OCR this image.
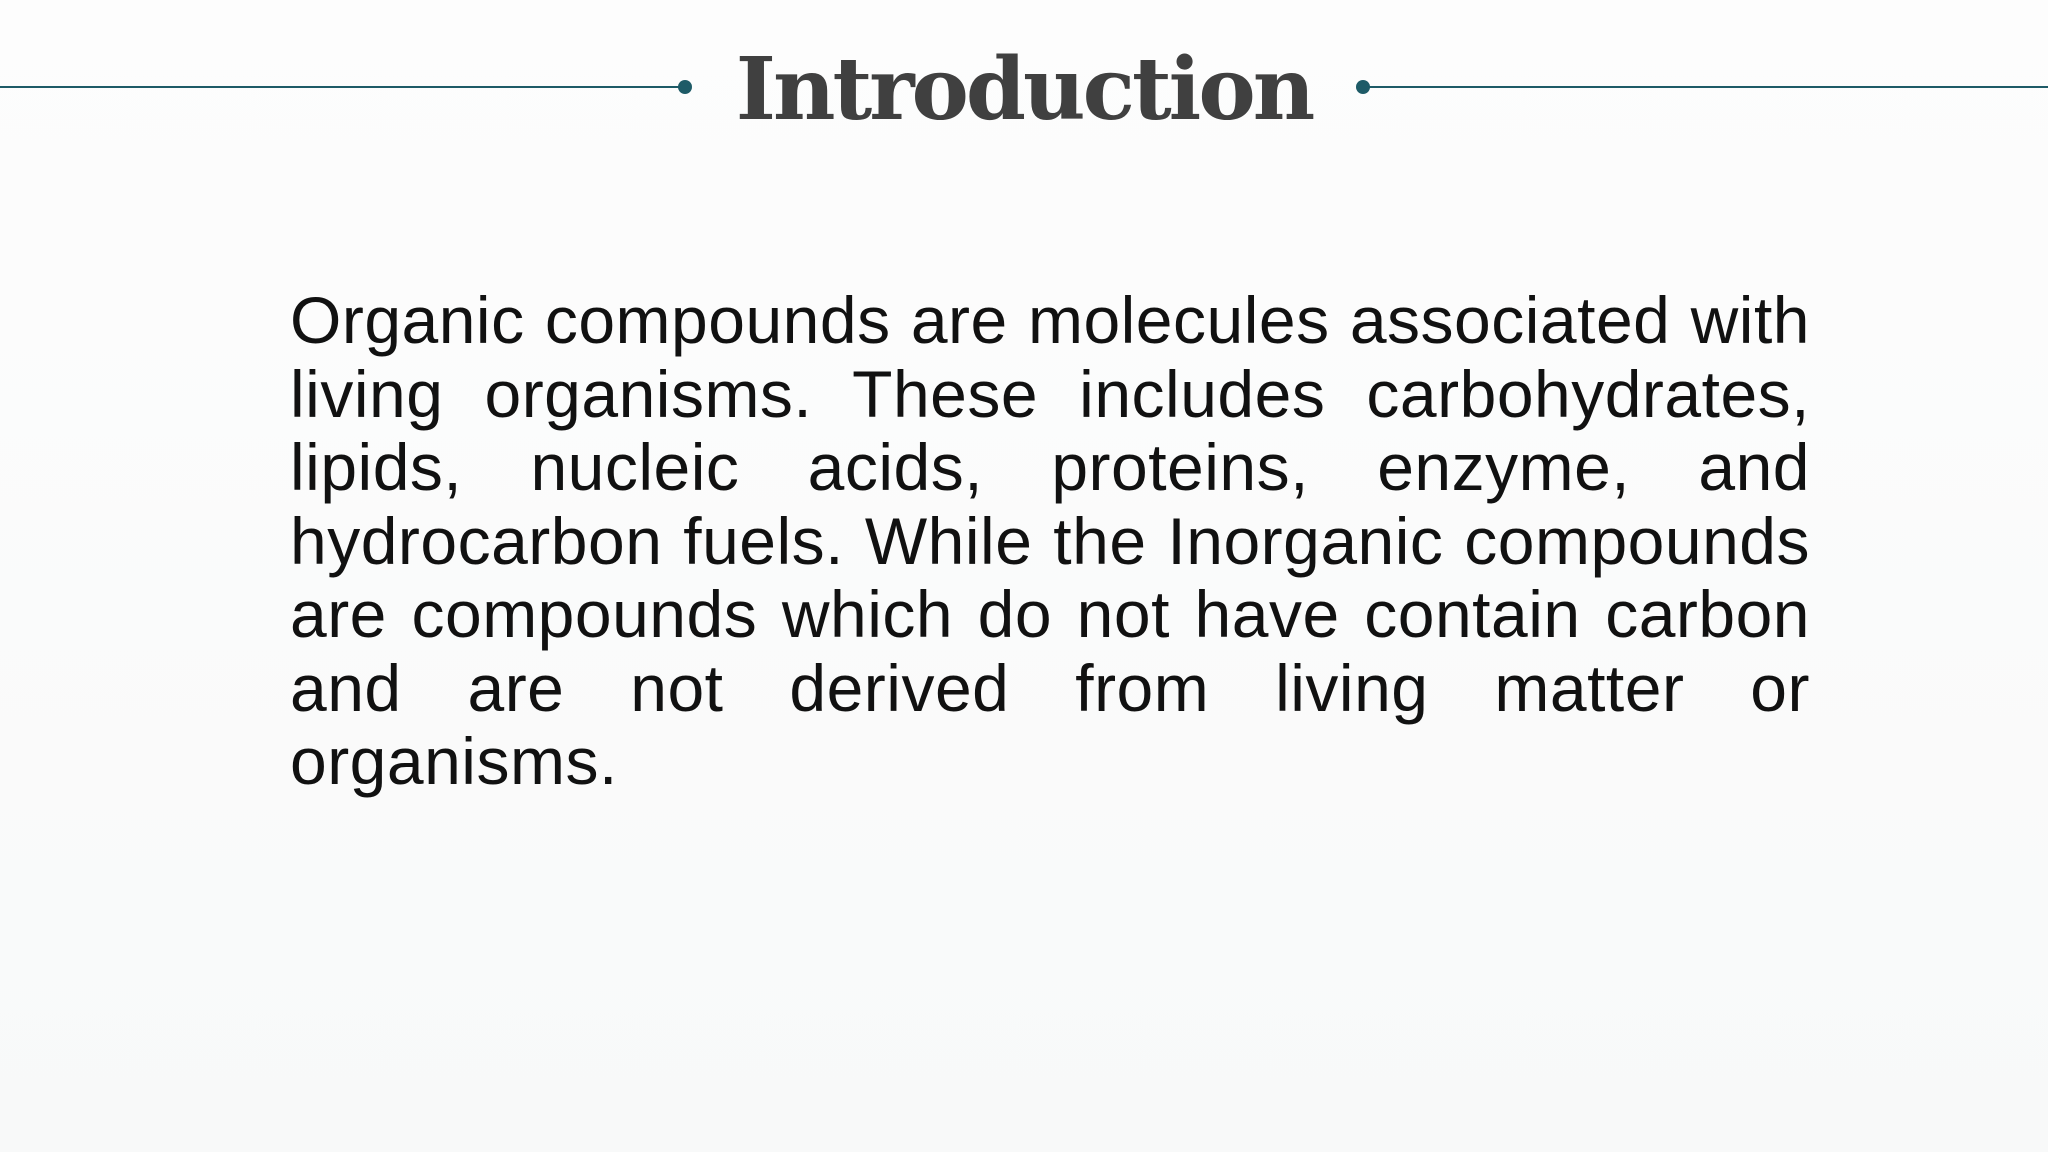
Introduction

Organic compounds are molecules associated with living organisms. These includes carbohydrates, lipids, nucleic acids, proteins, enzyme, and hydrocarbon fuels. While the Inorganic compounds are compounds which do not have contain carbon and are not derived from living matter or organisms.
